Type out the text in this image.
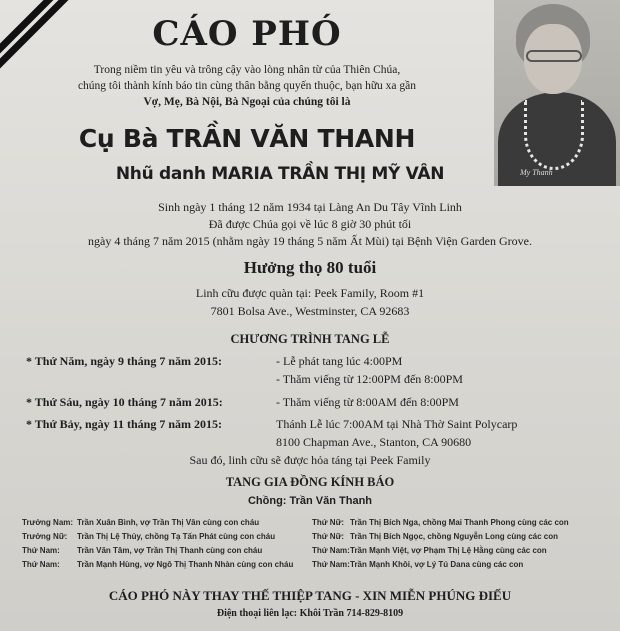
My Thanh
CÁO PHÓ
Trong niềm tin yêu và trông cậy vào lòng nhân từ của Thiên Chúa,
chúng tôi thành kính báo tin cùng thân bằng quyến thuộc, bạn hữu xa gần
Vợ, Mẹ, Bà Nội, Bà Ngoại của chúng tôi là
Cụ Bà TRẦN VĂN THANH
Nhũ danh MARIA TRẦN THỊ MỸ VÂN
Sinh ngày 1 tháng 12 năm 1934 tại Làng An Du Tây Vĩnh Linh
Đã được Chúa gọi về lúc 8 giờ 30 phút tối
ngày 4 tháng 7 năm 2015 (nhằm ngày 19 tháng 5 năm Ất Mùi) tại Bệnh Viện Garden Grove.
Hưởng thọ 80 tuổi
Linh cữu được quàn tại: Peek Family, Room #1
7801 Bolsa Ave., Westminster, CA 92683
CHƯƠNG TRÌNH TANG LỄ
* Thứ Năm, ngày 9 tháng 7 năm 2015:	- Lễ phát tang lúc 4:00PM
- Thăm viếng từ 12:00PM đến 8:00PM
* Thứ Sáu, ngày 10 tháng 7 năm 2015:	- Thăm viếng từ 8:00AM đến 8:00PM
* Thứ Bảy, ngày 11 tháng 7 năm 2015:	Thánh Lễ lúc 7:00AM tại Nhà Thờ Saint Polycarp
8100 Chapman Ave., Stanton, CA 90680
Sau đó, linh cữu sẽ được hỏa táng tại Peek Family
TANG GIA ĐỒNG KÍNH BÁO
Chồng: Trần Văn Thanh
Trưởng Nam: Trần Xuân Bình, vợ Trần Thị Vân cùng con cháu
Trưởng Nữ: Trần Thị Lệ Thủy, chồng Tạ Tấn Phát cùng con cháu
Thứ Nam: Trần Văn Tâm, vợ Trần Thị Thanh cùng con cháu
Thứ Nam: Trần Mạnh Hùng, vợ Ngô Thị Thanh Nhàn cùng con cháu
Thứ Nữ: Trần Thị Bích Nga, chồng Mai Thanh Phong cùng các con
Thứ Nữ: Trần Thị Bích Ngọc, chồng Nguyễn Long cùng các con
Thứ Nam: Trần Mạnh Việt, vợ Phạm Thị Lệ Hằng cùng các con
Thứ Nam: Trần Mạnh Khôi, vợ Lý Tú Dana cùng các con
CÁO PHÓ NÀY THAY THẾ THIỆP TANG - XIN MIỄN PHÚNG ĐIẾU
Điện thoại liên lạc: Khôi Trần 714-829-8109
